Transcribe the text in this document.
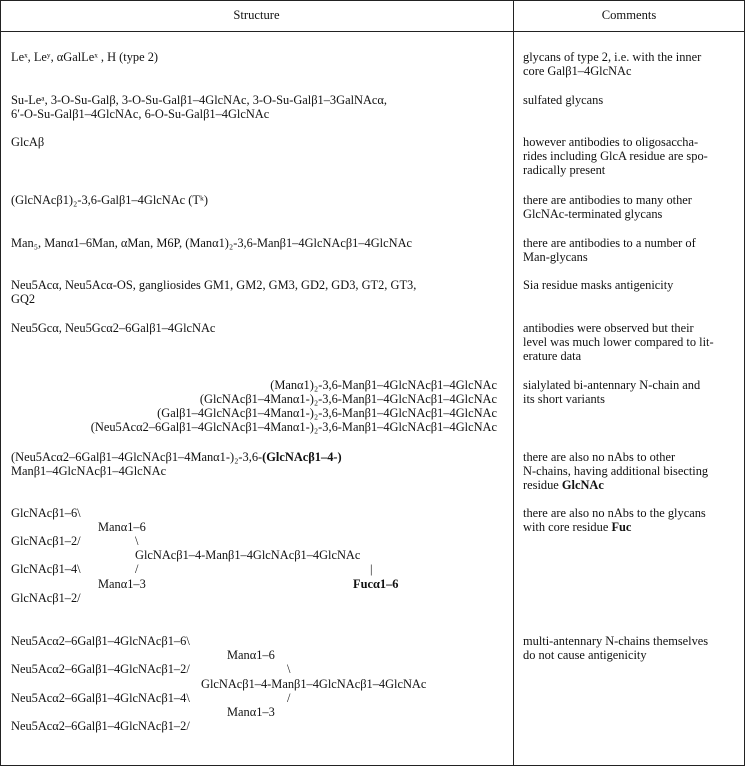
Structure	Comments
Leˣ, Leʸ, αGalLeˣ , H (type 2)	glycans of type 2, i.e. with the inner
core Galβ1–4GlcNAc
Su-Leᵃ, 3-O-Su-Galβ, 3-O-Su-Galβ1–4GlcNAc, 3-O-Su-Galβ1–3GalNAcα,
6′-O-Su-Galβ1–4GlcNAc, 6-O-Su-Galβ1–4GlcNAc
sulfated glycans
GlcAβ	however antibodies to oligosaccha-
rides including GlcA residue are spo-
radically present
(GlcNAcβ1)₂-3,6-Galβ1–4GlcNAc (Tᵏ)	there are antibodies to many other
GlcNAc-terminated glycans
Man₅, Manα1–6Man, αMan, M6P, (Manα1)₂-3,6-Manβ1–4GlcNAcβ1–4GlcNAc	there are antibodies to a number of
Man-glycans
Neu5Acα, Neu5Acα-OS, gangliosides GM1, GM2, GM3, GD2, GD3, GT2, GT3,
GQ2
Sia residue masks antigenicity
Neu5Gcα, Neu5Gcα2–6Galβ1–4GlcNAc	antibodies were observed but their
level was much lower compared to lit-
erature data
(Manα1)₂-3,6-Manβ1–4GlcNAcβ1–4GlcNAc
(GlcNAcβ1–4Manα1-)₂-3,6-Manβ1–4GlcNAcβ1–4GlcNAc
(Galβ1–4GlcNAcβ1–4Manα1-)₂-3,6-Manβ1–4GlcNAcβ1–4GlcNAc
(Neu5Acα2–6Galβ1–4GlcNAcβ1–4Manα1-)₂-3,6-Manβ1–4GlcNAcβ1–4GlcNAc
sialylated bi-antennary N-chain and
its short variants
(Neu5Acα2–6Galβ1–4GlcNAcβ1–4Manα1-)₂-3,6-(GlcNAcβ1–4-)
Manβ1–4GlcNAcβ1–4GlcNAc
there are also no nAbs to other
N-chains, having additional bisecting
residue GlcNAc
GlcNAcβ1–6\
Manα1–6
\
GlcNAcβ1–2/
GlcNAcβ1–4-Manβ1–4GlcNAcβ1–4GlcNAc
/	|
GlcNAcβ1–4\
Manα1–3	Fucα1–6
GlcNAcβ1–2/
there are also no nAbs to the glycans
with core residue Fuc
Neu5Acα2–6Galβ1–4GlcNAcβ1–6\
Manα1–6
\
Neu5Acα2–6Galβ1–4GlcNAcβ1–2/
GlcNAcβ1–4-Manβ1–4GlcNAcβ1–4GlcNAc
/
Neu5Acα2–6Galβ1–4GlcNAcβ1–4\
Manα1–3
Neu5Acα2–6Galβ1–4GlcNAcβ1–2/
multi-antennary N-chains themselves
do not cause antigenicity
